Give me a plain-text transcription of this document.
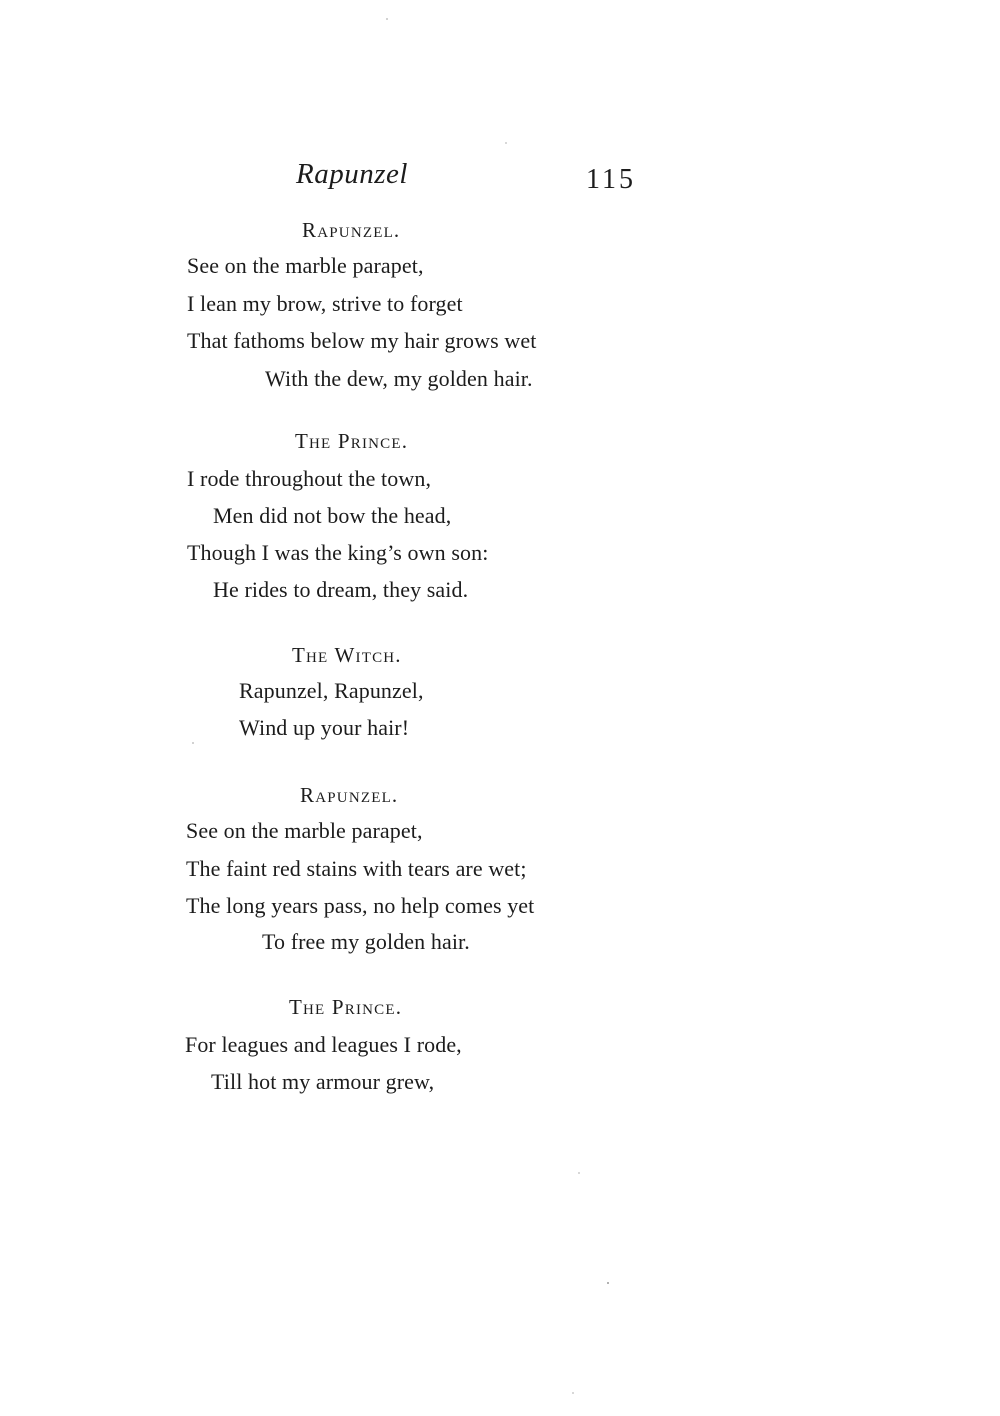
Rapunzel	115
Rapunzel.
See on the marble parapet,
I lean my brow, strive to forget
That fathoms below my hair grows wet
With the dew, my golden hair.
The Prince.
I rode throughout the town,
Men did not bow the head,
Though I was the king’s own son:
He rides to dream, they said.
The Witch.
Rapunzel, Rapunzel,
Wind up your hair!
Rapunzel.
See on the marble parapet,
The faint red stains with tears are wet;
The long years pass, no help comes yet
To free my golden hair.
The Prince.
For leagues and leagues I rode,
Till hot my armour grew,
